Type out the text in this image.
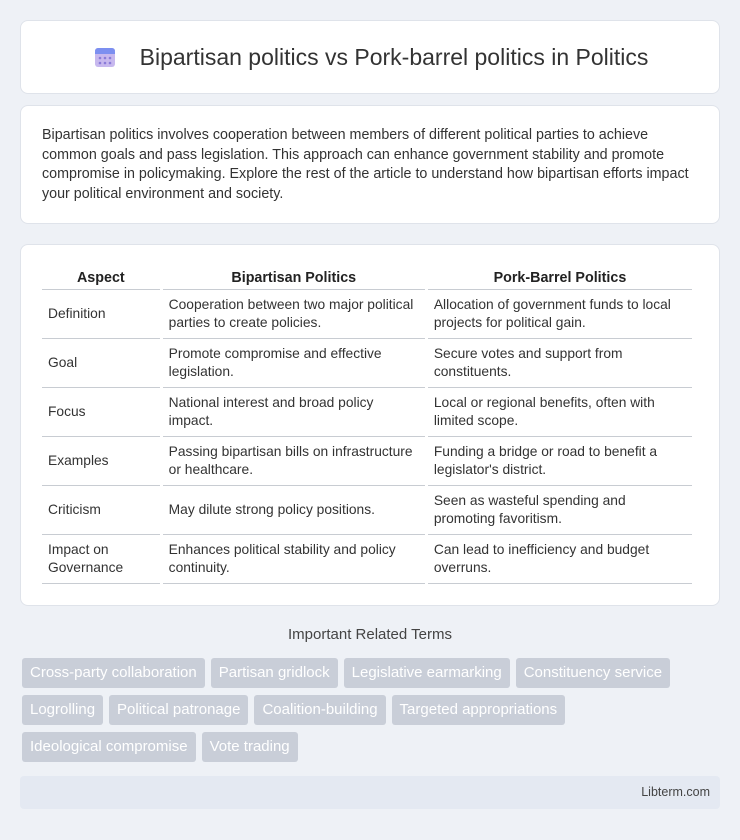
Bipartisan politics vs Pork-barrel politics in Politics

Bipartisan politics involves cooperation between members of different political parties to achieve common goals and pass legislation. This approach can enhance government stability and promote compromise in policymaking. Explore the rest of the article to understand how bipartisan efforts impact your political environment and society.

Aspect	Bipartisan Politics	Pork-Barrel Politics
Definition	Cooperation between two major political parties to create policies.	Allocation of government funds to local projects for political gain.
Goal	Promote compromise and effective legislation.	Secure votes and support from constituents.
Focus	National interest and broad policy impact.	Local or regional benefits, often with limited scope.
Examples	Passing bipartisan bills on infrastructure or healthcare.	Funding a bridge or road to benefit a legislator's district.
Criticism	May dilute strong policy positions.	Seen as wasteful spending and promoting favoritism.
Impact on Governance	Enhances political stability and policy continuity.	Can lead to inefficiency and budget overruns.
Important Related Terms
Cross-party collaboration	Partisan gridlock	Legislative earmarking	Constituency service
Logrolling	Political patronage	Coalition-building	Targeted appropriations
Ideological compromise	Vote trading
Libterm.com
